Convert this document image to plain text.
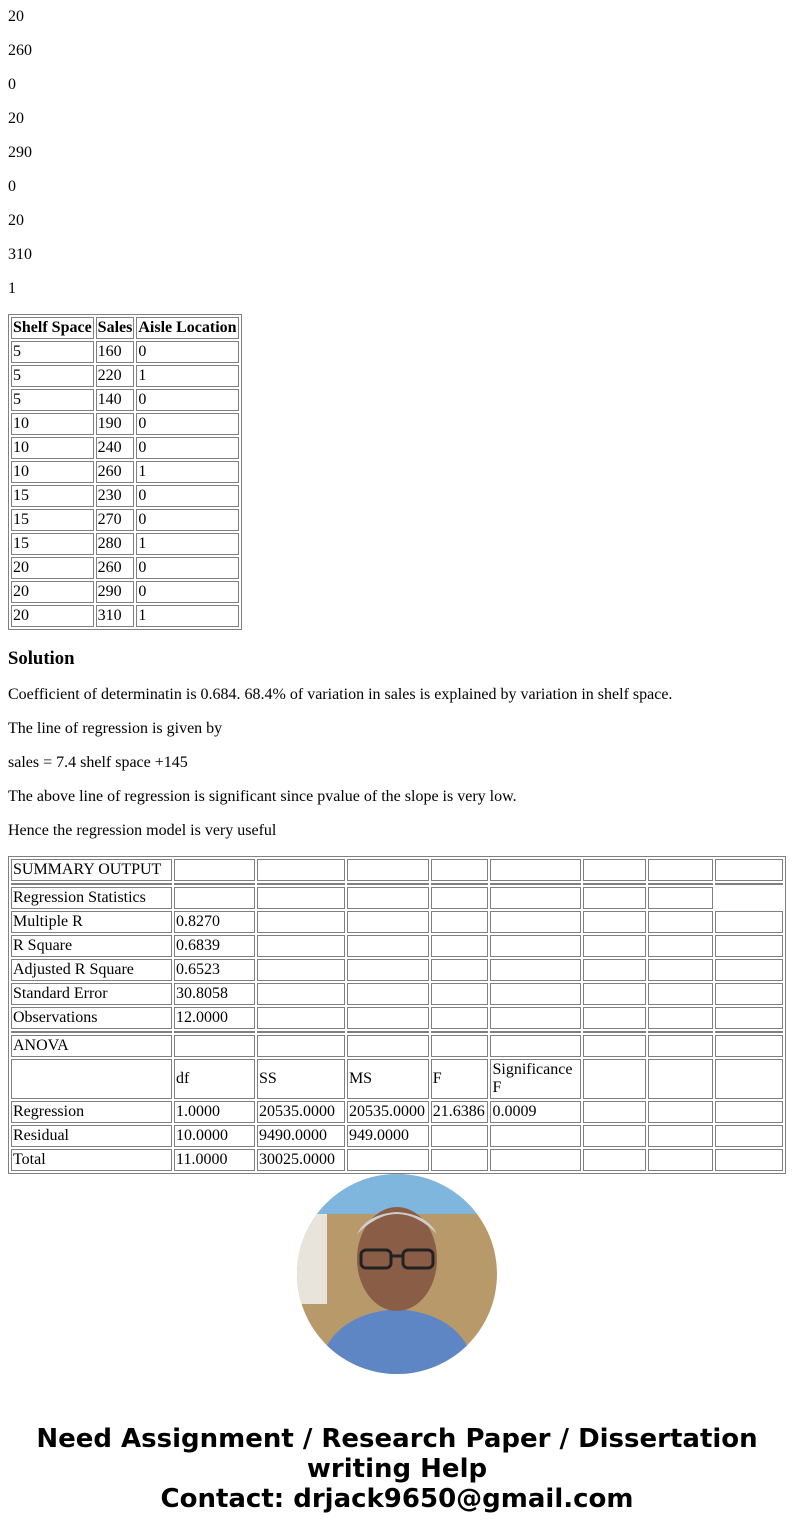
20

260

0

20

290

0

20

310

1

Shelf Space	Sales	Aisle Location
5	160	0
5	220	1
5	140	0
10	190	0
10	240	0
10	260	1
15	230	0
15	270	0
15	280	1
20	260	0
20	290	0
20	310	1
Solution

Coefficient of determinatin is 0.684. 68.4% of variation in sales is explained by variation in shelf space.

The line of regression is given by

sales = 7.4 shelf space +145

The above line of regression is significant since pvalue of the slope is very low.

Hence the regression model is very useful

SUMMARY OUTPUT								

Regression Statistics								
Multiple R	0.8270							
R Square	0.6839							
Adjusted R Square	0.6523							
Standard Error	30.8058							
Observations	12.0000							

ANOVA								
	df	SS	MS	F	Significance F			
Regression	1.0000	20535.0000	20535.0000	21.6386	0.0009			
Residual	10.0000	9490.0000	949.0000					
Total	11.0000	30025.0000						
Need Assignment / Research Paper / Dissertation writing Help
Contact: drjack9650@gmail.com
